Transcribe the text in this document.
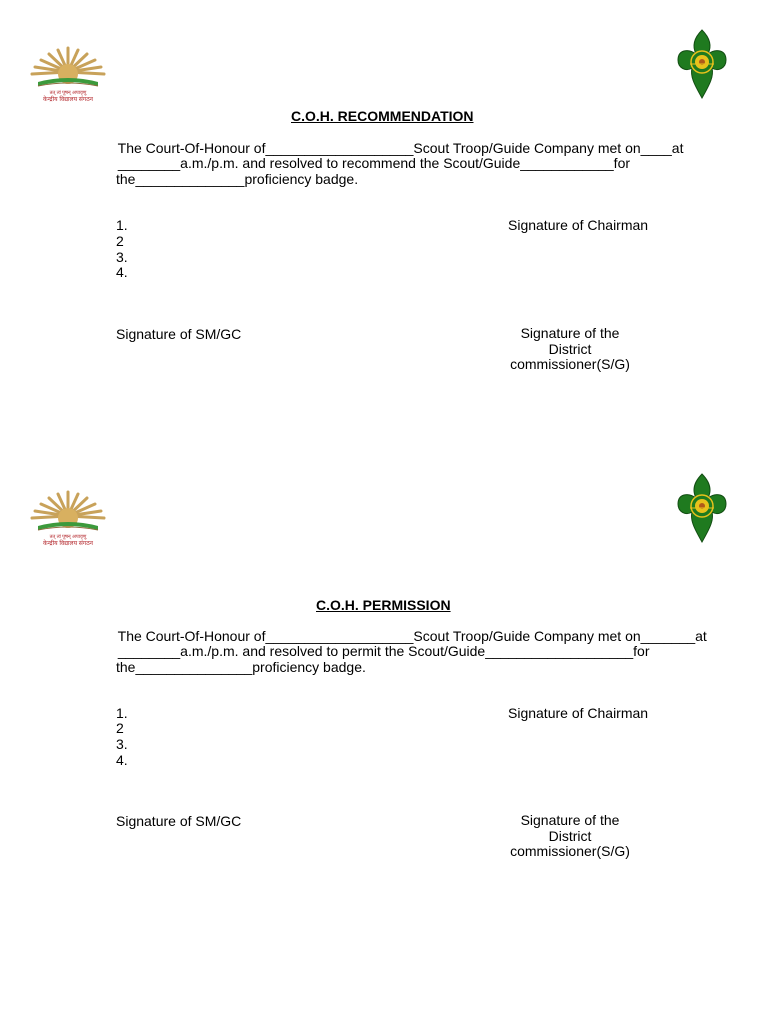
तत् त्वं पूषन् अपावृणु
केन्द्रीय विद्यालय संगठन
C.O.H. RECOMMENDATION
The Court-Of-Honour of___________________Scout Troop/Guide Company met on____at
________a.m./p.m. and resolved to recommend the Scout/Guide____________for
the______________proficiency badge.
1.
2
3.
4.
Signature of Chairman
Signature of SM/GC	Signature of the
District
commissioner(S/G)
तत् त्वं पूषन् अपावृणु
केन्द्रीय विद्यालय संगठन
C.O.H. PERMISSION
The Court-Of-Honour of___________________Scout Troop/Guide Company met on_______at
________a.m./p.m. and resolved to permit the Scout/Guide___________________for
the_______________proficiency badge.
1.
2
3.
4.
Signature of Chairman
Signature of SM/GC	Signature of the
District
commissioner(S/G)
